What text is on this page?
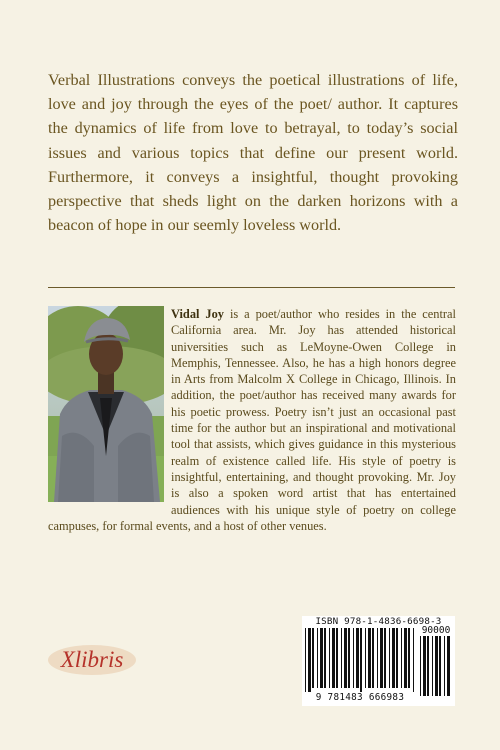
Verbal Illustrations conveys the poetical illustrations of life, love and joy through the eyes of the poet/ author. It captures the dynamics of life from love to betrayal, to today’s social issues and various topics that define our present world. Furthermore, it conveys a insightful, thought provoking perspective that sheds light on the darken horizons with a beacon of hope in our seemly loveless world.

Vidal Joy is a poet/author who resides in the central California area. Mr. Joy has attended historical universities such as LeMoyne-Owen College in Memphis, Tennessee. Also, he has a high honors degree in Arts from Malcolm X College in Chicago, Illinois. In addition, the poet/author has received many awards for his poetic prowess. Poetry isn’t just an occasional past time for the author but an inspirational and motivational tool that assists, which gives guidance in this mysterious realm of existence called life. His style of poetry is insightful, entertaining, and thought provoking. Mr. Joy is also a spoken word artist that has entertained audiences with his unique style of poetry on college campuses, for formal events, and a host of other venues.

Xlibris
ISBN 978-1-4836-6698-3
90000
9 781483 666983
